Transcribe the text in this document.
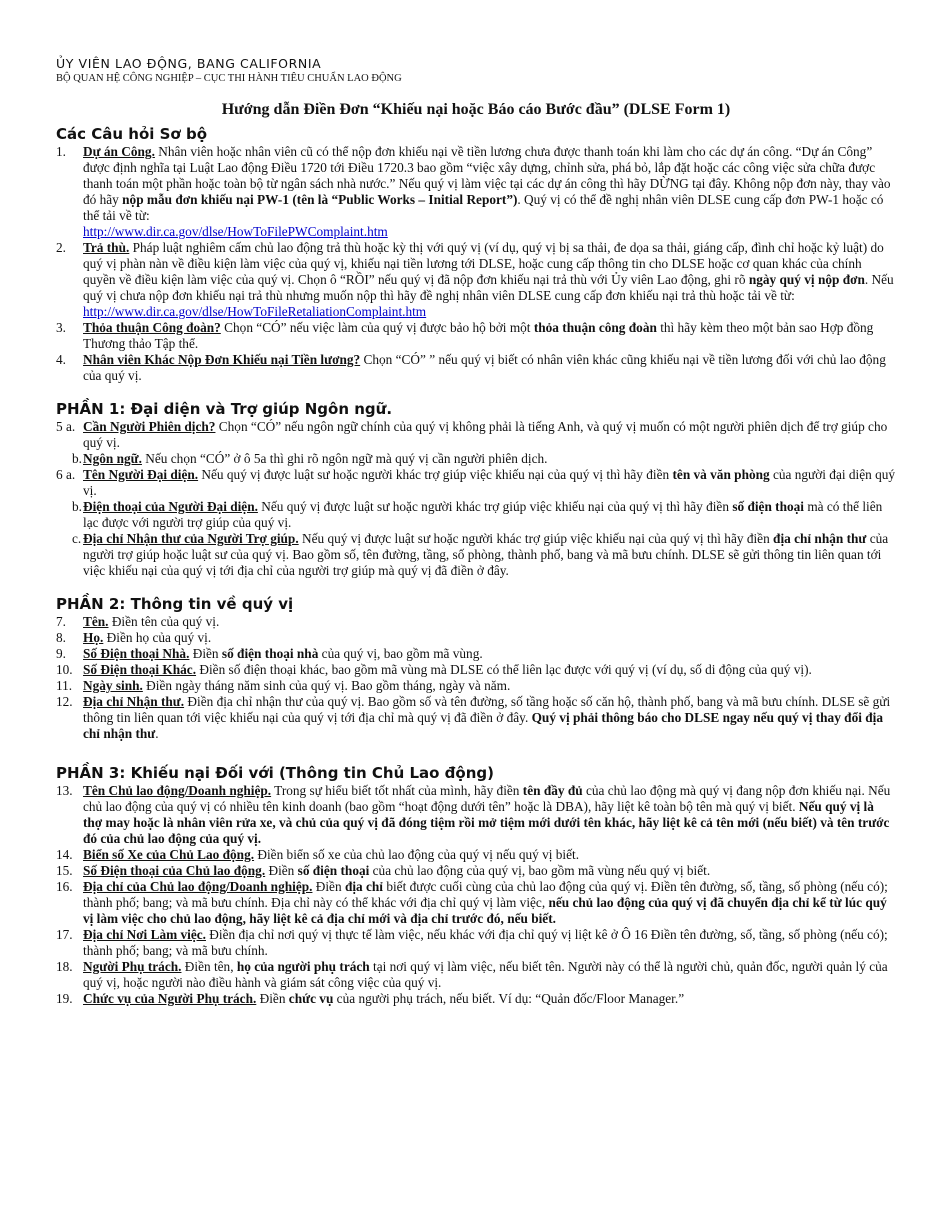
ỦY VIÊN LAO ĐỘNG, BANG CALIFORNIA
BỘ QUAN HỆ CÔNG NGHIỆP – CỤC THI HÀNH TIÊU CHUẨN LAO ĐỘNG
Hướng dẫn Điền Đơn “Khiếu nại hoặc Báo cáo Bước đầu” (DLSE Form 1)
Các Câu hỏi Sơ bộ

1. Dự án Công. Nhân viên hoặc nhân viên cũ có thể nộp đơn khiếu nại về tiền lương chưa được thanh toán khi làm cho các dự án công. “Dự án Công” được định nghĩa tại Luật Lao động Điều 1720 tới Điều 1720.3 bao gồm “việc xây dựng, chỉnh sửa, phá bỏ, lắp đặt hoặc các công việc sửa chữa được thanh toán một phần hoặc toàn bộ từ ngân sách nhà nước.” Nếu quý vị làm việc tại các dự án công thì hãy DỪNG tại đây. Không nộp đơn này, thay vào đó hãy nộp mẫu đơn khiếu nại PW-1 (tên là “Public Works – Initial Report”). Quý vị có thể đề nghị nhân viên DLSE cung cấp đơn PW-1 hoặc có thể tải về từ:
http://www.dir.ca.gov/dlse/HowToFilePWComplaint.htm

2. Trả thù. Pháp luật nghiêm cấm chủ lao động trả thù hoặc kỳ thị với quý vị (ví dụ, quý vị bị sa thải, đe dọa sa thải, giáng cấp, đình chỉ hoặc kỷ luật) do quý vị phàn nàn về điều kiện làm việc của quý vị, khiếu nại tiền lương tới DLSE, hoặc cung cấp thông tin cho DLSE hoặc cơ quan khác của chính quyền về điều kiện làm việc của quý vị. Chọn ô “RỒI” nếu quý vị đã nộp đơn khiếu nại trả thù với Ủy viên Lao động, ghi rõ ngày quý vị nộp đơn. Nếu quý vị chưa nộp đơn khiếu nại trả thù nhưng muốn nộp thì hãy đề nghị nhân viên DLSE cung cấp đơn khiếu nại trả thù hoặc tải về từ:
http://www.dir.ca.gov/dlse/HowToFileRetaliationComplaint.htm

3. Thỏa thuận Công đoàn? Chọn “CÓ” nếu việc làm của quý vị được bảo hộ bởi một thỏa thuận công đoàn thì hãy kèm theo một bản sao Hợp đồng Thương thảo Tập thể.

4. Nhân viên Khác Nộp Đơn Khiếu nại Tiền lương? Chọn “CÓ” ” nếu quý vị biết có nhân viên khác cũng khiếu nại về tiền lương đối với chủ lao động của quý vị.

PHẦN 1: Đại diện và Trợ giúp Ngôn ngữ.

5 a. Cần Người Phiên dịch? Chọn “CÓ” nếu ngôn ngữ chính của quý vị không phải là tiếng Anh, và quý vị muốn có một người phiên dịch để trợ giúp cho quý vị.

b. Ngôn ngữ. Nếu chọn “CÓ” ở ô 5a thì ghi rõ ngôn ngữ mà quý vị cần người phiên dịch.

6 a. Tên Người Đại diện. Nếu quý vị được luật sư hoặc người khác trợ giúp việc khiếu nại của quý vị thì hãy điền tên và văn phòng của người đại diện quý vị.

b. Điện thoại của Người Đại diện. Nếu quý vị được luật sư hoặc người khác trợ giúp việc khiếu nại của quý vị thì hãy điền số điện thoại mà có thể liên lạc được với người trợ giúp của quý vị.

c. Địa chỉ Nhận thư của Người Trợ giúp. Nếu quý vị được luật sư hoặc người khác trợ giúp việc khiếu nại của quý vị thì hãy điền địa chỉ nhận thư của người trợ giúp hoặc luật sư của quý vị. Bao gồm số, tên đường, tầng, số phòng, thành phố, bang và mã bưu chính. DLSE sẽ gửi thông tin liên quan tới việc khiếu nại của quý vị tới địa chỉ của người trợ giúp mà quý vị đã điền ở đây.

PHẦN 2: Thông tin về quý vị

7. Tên. Điền tên của quý vị.

8. Họ. Điền họ của quý vị.

9. Số Điện thoại Nhà. Điền số điện thoại nhà của quý vị, bao gồm mã vùng.

10. Số Điện thoại Khác. Điền số điện thoại khác, bao gồm mã vùng mà DLSE có thể liên lạc được với quý vị (ví dụ, số di động của quý vị).

11. Ngày sinh. Điền ngày tháng năm sinh của quý vị. Bao gồm tháng, ngày và năm.

12. Địa chỉ Nhận thư. Điền địa chỉ nhận thư của quý vị. Bao gồm số và tên đường, số tầng hoặc số căn hộ, thành phố, bang và mã bưu chính. DLSE sẽ gửi thông tin liên quan tới việc khiếu nại của quý vị tới địa chỉ mà quý vị đã điền ở đây. Quý vị phải thông báo cho DLSE ngay nếu quý vị thay đổi địa chỉ nhận thư.

PHẦN 3: Khiếu nại Đối với (Thông tin Chủ Lao động)

13. Tên Chủ lao động/Doanh nghiệp. Trong sự hiểu biết tốt nhất của mình, hãy điền tên đầy đủ của chủ lao động mà quý vị đang nộp đơn khiếu nại. Nếu chủ lao động của quý vị có nhiều tên kinh doanh (bao gồm “hoạt động dưới tên” hoặc là DBA), hãy liệt kê toàn bộ tên mà quý vị biết. Nếu quý vị là thợ may hoặc là nhân viên rửa xe, và chủ của quý vị đã đóng tiệm rồi mở tiệm mới dưới tên khác, hãy liệt kê cả tên mới (nếu biết) và tên trước đó của chủ lao động của quý vị.

14. Biển số Xe của Chủ Lao động. Điền biển số xe của chủ lao động của quý vị nếu quý vị biết.

15. Số Điện thoại của Chủ lao động. Điền số điện thoại của chủ lao động của quý vị, bao gồm mã vùng nếu quý vị biết.

16. Địa chỉ của Chủ lao động/Doanh nghiệp. Điền địa chỉ biết được cuối cùng của chủ lao động của quý vị. Điền tên đường, số, tầng, số phòng (nếu có); thành phố; bang; và mã bưu chính. Địa chỉ này có thể khác với địa chỉ quý vị làm việc, nếu chủ lao động của quý vị đã chuyển địa chỉ kể từ lúc quý vị làm việc cho chủ lao động, hãy liệt kê cả địa chỉ mới và địa chỉ trước đó, nếu biết.

17. Địa chỉ Nơi Làm việc. Điền địa chỉ nơi quý vị thực tế làm việc, nếu khác với địa chỉ quý vị liệt kê ở Ô 16 Điền tên đường, số, tầng, số phòng (nếu có); thành phố; bang; và mã bưu chính.

18. Người Phụ trách. Điền tên, họ của người phụ trách tại nơi quý vị làm việc, nếu biết tên. Người này có thể là người chủ, quản đốc, người quản lý của quý vị, hoặc người nào điều hành và giám sát công việc của quý vị.

19. Chức vụ của Người Phụ trách. Điền chức vụ của người phụ trách, nếu biết. Ví dụ: “Quản đốc/Floor Manager.”
